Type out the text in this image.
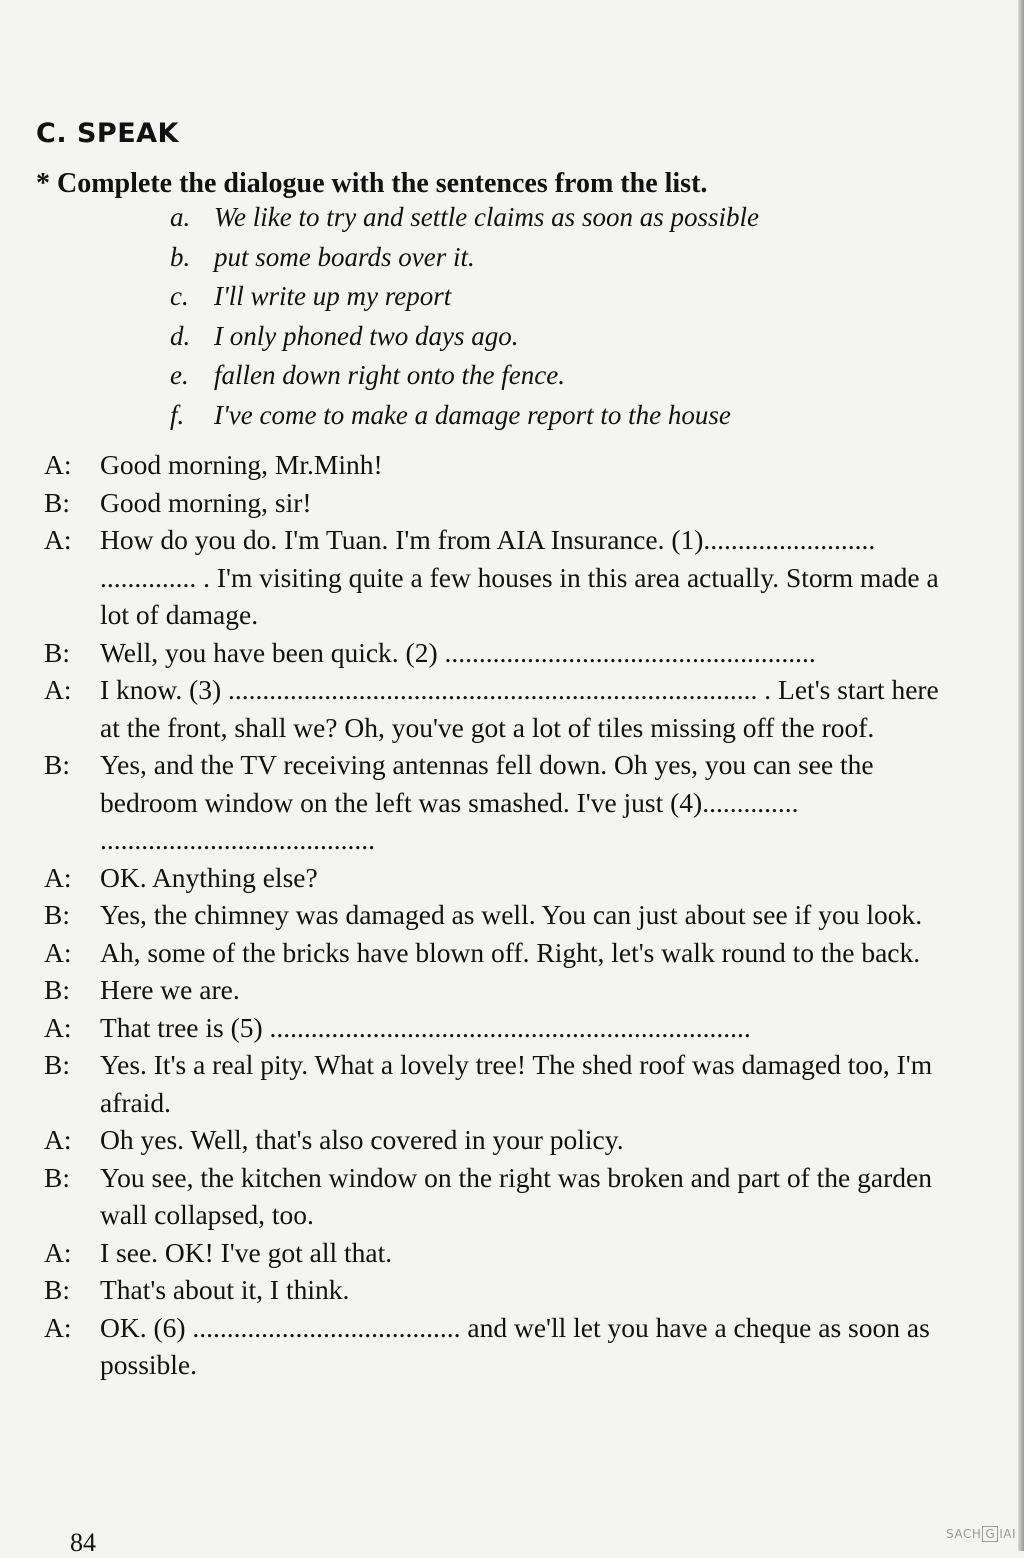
C. SPEAK
* Complete the dialogue with the sentences from the list.
a. We like to try and settle claims as soon as possible
b. put some boards over it.
c. I'll write up my report
d. I only phoned two days ago.
e. fallen down right onto the fence.
f. I've come to make a damage report to the house
A: Good morning, Mr.Minh!
B: Good morning, sir!
A: How do you do. I'm Tuan. I'm from AIA Insurance. (1)......................... .............. . I'm visiting quite a few houses in this area actually. Storm made a lot of damage.
B: Well, you have been quick. (2) ......................................................
A: I know. (3) ............................................................................. . Let's start here at the front, shall we? Oh, you've got a lot of tiles missing off the roof.
B: Yes, and the TV receiving antennas fell down. Oh yes, you can see the bedroom window on the left was smashed. I've just (4).............. ........................................
A: OK. Anything else?
B: Yes, the chimney was damaged as well. You can just about see if you look.
A: Ah, some of the bricks have blown off. Right, let's walk round to the back.
B: Here we are.
A: That tree is (5) ......................................................................
B: Yes. It's a real pity. What a lovely tree! The shed roof was damaged too, I'm afraid.
A: Oh yes. Well, that's also covered in your policy.
B: You see, the kitchen window on the right was broken and part of the garden wall collapsed, too.
A: I see. OK! I've got all that.
B: That's about it, I think.
A: OK. (6) ....................................... and we'll let you have a cheque as soon as possible.
84	SACH G IAI
